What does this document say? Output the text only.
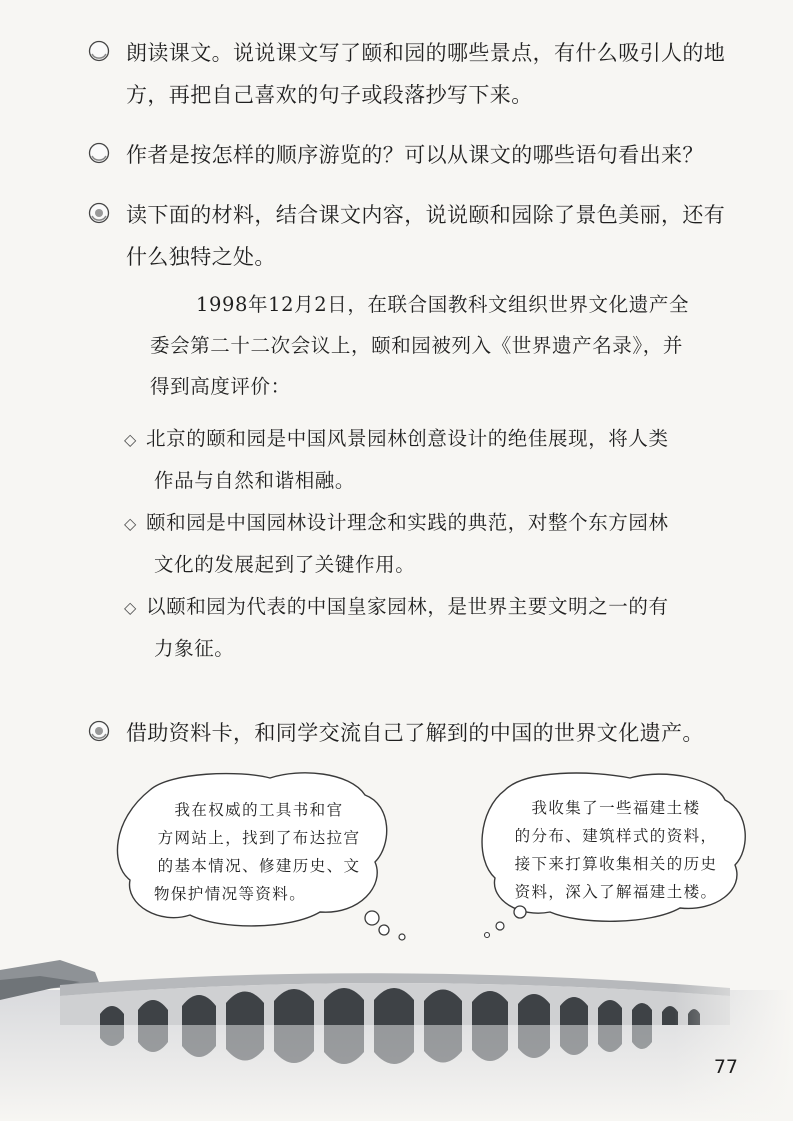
朗读课文。说说课文写了颐和园的哪些景点，有什么吸引人的地
方，再把自己喜欢的句子或段落抄写下来。
作者是按怎样的顺序游览的？可以从课文的哪些语句看出来？
读下面的材料，结合课文内容，说说颐和园除了景色美丽，还有
什么独特之处。
1998年12月2日，在联合国教科文组织世界文化遗产全
委会第二十二次会议上，颐和园被列入《世界遗产名录》，并
得到高度评价：
◇ 北京的颐和园是中国风景园林创意设计的绝佳展现，将人类
作品与自然和谐相融。
◇ 颐和园是中国园林设计理念和实践的典范，对整个东方园林
文化的发展起到了关键作用。
◇ 以颐和园为代表的中国皇家园林，是世界主要文明之一的有
力象征。
借助资料卡，和同学交流自己了解到的中国的世界文化遗产。
我在权威的工具书和官
方网站上，找到了布达拉宫
的基本情况、修建历史、文
物保护情况等资料。
我收集了一些福建土楼
的分布、建筑样式的资料，
接下来打算收集相关的历史
资料，深入了解福建土楼。
77
